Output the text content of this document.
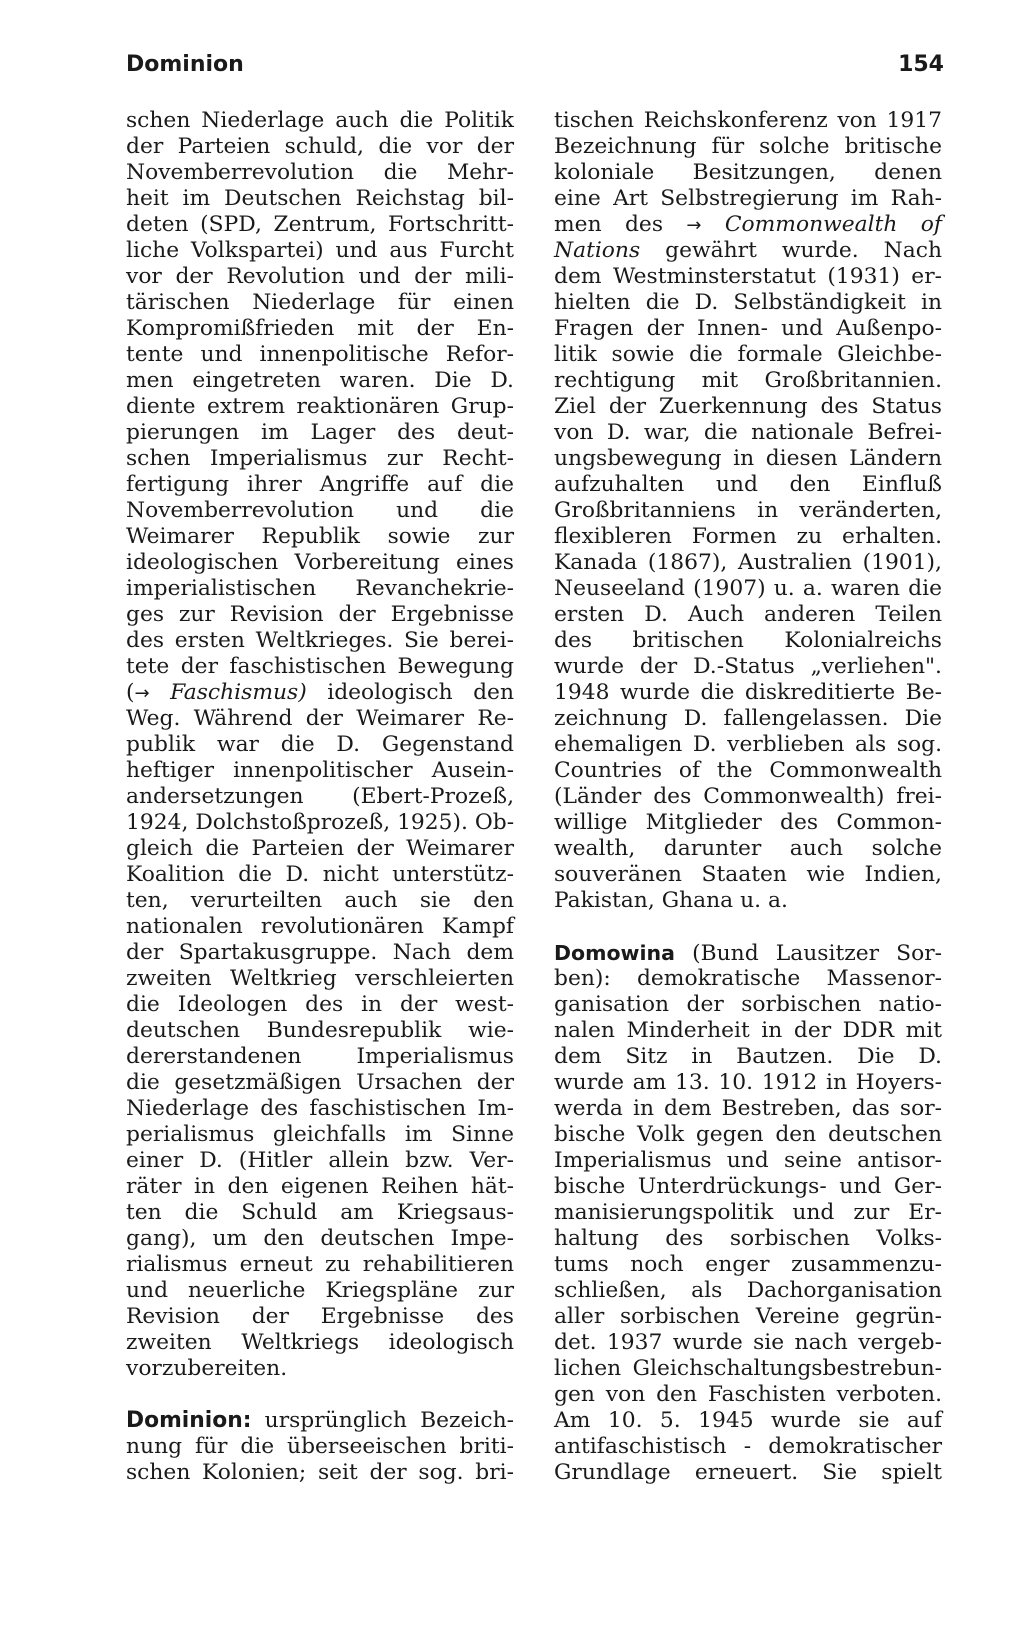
Dominion	154
schen Niederlage auch die Politik
der Parteien schuld, die vor der
Novemberrevolution die Mehr-
heit im Deutschen Reichstag bil-
deten (SPD, Zentrum, Fortschritt-
liche Volkspartei) und aus Furcht
vor der Revolution und der mili-
tärischen Niederlage für einen
Kompromißfrieden mit der En-
tente und innenpolitische Refor-
men eingetreten waren. Die D.
diente extrem reaktionären Grup-
pierungen im Lager des deut-
schen Imperialismus zur Recht-
fertigung ihrer Angriffe auf die
Novemberrevolution und die
Weimarer Republik sowie zur
ideologischen Vorbereitung eines
imperialistischen Revanchekrie-
ges zur Revision der Ergebnisse
des ersten Weltkrieges. Sie berei-
tete der faschistischen Bewegung
(→ Faschismus) ideologisch den
Weg. Während der Weimarer Re-
publik war die D. Gegenstand
heftiger innenpolitischer Ausein-
andersetzungen (Ebert-Prozeß,
1924, Dolchstoßprozeß, 1925). Ob-
gleich die Parteien der Weimarer
Koalition die D. nicht unterstütz-
ten, verurteilten auch sie den
nationalen revolutionären Kampf
der Spartakusgruppe. Nach dem
zweiten Weltkrieg verschleierten
die Ideologen des in der west-
deutschen Bundesrepublik wie-
dererstandenen Imperialismus
die gesetzmäßigen Ursachen der
Niederlage des faschistischen Im-
perialismus gleichfalls im Sinne
einer D. (Hitler allein bzw. Ver-
räter in den eigenen Reihen hät-
ten die Schuld am Kriegsaus-
gang), um den deutschen Impe-
rialismus erneut zu rehabilitieren
und neuerliche Kriegspläne zur
Revision der Ergebnisse des
zweiten Weltkriegs ideologisch
vorzubereiten.
Dominion: ursprünglich Bezeich-
nung für die überseeischen briti-
schen Kolonien; seit der sog. bri-
tischen Reichskonferenz von 1917
Bezeichnung für solche britische
koloniale Besitzungen, denen
eine Art Selbstregierung im Rah-
men des → Commonwealth of
Nations gewährt wurde. Nach
dem Westminsterstatut (1931) er-
hielten die D. Selbständigkeit in
Fragen der Innen- und Außenpo-
litik sowie die formale Gleichbe-
rechtigung mit Großbritannien.
Ziel der Zuerkennung des Status
von D. war, die nationale Befrei-
ungsbewegung in diesen Ländern
aufzuhalten und den Einfluß
Großbritanniens in veränderten,
flexibleren Formen zu erhalten.
Kanada (1867), Australien (1901),
Neuseeland (1907) u. a. waren die
ersten D. Auch anderen Teilen
des britischen Kolonialreichs
wurde der D.-Status „verliehen".
1948 wurde die diskreditierte Be-
zeichnung D. fallengelassen. Die
ehemaligen D. verblieben als sog.
Countries of the Commonwealth
(Länder des Commonwealth) frei-
willige Mitglieder des Common-
wealth, darunter auch solche
souveränen Staaten wie Indien,
Pakistan, Ghana u. a.
Domowina (Bund Lausitzer Sor-
ben): demokratische Massenor-
ganisation der sorbischen natio-
nalen Minderheit in der DDR mit
dem Sitz in Bautzen. Die D.
wurde am 13. 10. 1912 in Hoyers-
werda in dem Bestreben, das sor-
bische Volk gegen den deutschen
Imperialismus und seine antisor-
bische Unterdrückungs- und Ger-
manisierungspolitik und zur Er-
haltung des sorbischen Volks-
tums noch enger zusammenzu-
schließen, als Dachorganisation
aller sorbischen Vereine gegrün-
det. 1937 wurde sie nach vergeb-
lichen Gleichschaltungsbestrebun-
gen von den Faschisten verboten.
Am 10. 5. 1945 wurde sie auf
antifaschistisch - demokratischer
Grundlage erneuert. Sie spielt
